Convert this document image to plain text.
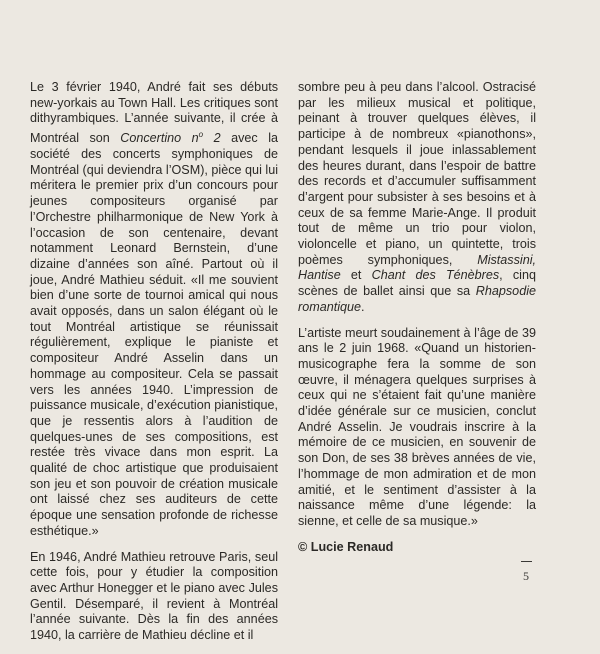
Le 3 février 1940, André fait ses débuts new-yorkais au Town Hall. Les critiques sont dithyrambiques. L’année suivante, il crée à Montréal son Concertino $n^o$ 2 avec la société des concerts symphoniques de Montréal (qui deviendra l’OSM), pièce qui lui méritera le premier prix d’un concours pour jeunes compositeurs organisé par l’Orchestre philharmonique de New York à l’occasion de son centenaire, devant notamment Leonard Bernstein, d’une dizaine d’années son aîné. Partout où il joue, André Mathieu séduit. «Il me souvient bien d’une sorte de tournoi amical qui nous avait opposés, dans un salon élégant où le tout Montréal artistique se réunissait régulièrement, explique le pianiste et compositeur André Asselin dans un hommage au compositeur. Cela se passait vers les années 1940. L’impression de puissance musicale, d’exécution pianistique, que je ressentis alors à l’audition de quelques-unes de ses compositions, est restée très vivace dans mon esprit. La qualité de choc artistique que produisaient son jeu et son pouvoir de création musicale ont laissé chez ses auditeurs de cette époque une sensation profonde de richesse esthétique.»

En 1946, André Mathieu retrouve Paris, seul cette fois, pour y étudier la composition avec Arthur Honegger et le piano avec Jules Gentil. Désemparé, il revient à Montréal l’année suivante. Dès la fin des années 1940, la carrière de Mathieu décline et il

sombre peu à peu dans l’alcool. Ostracisé par les milieux musical et politique, peinant à trouver quelques élèves, il participe à de nombreux «pianothons», pendant lesquels il joue inlassablement des heures durant, dans l’espoir de battre des records et d’accumuler suffisamment d’argent pour subsister à ses besoins et à ceux de sa femme Marie-Ange. Il produit tout de même un trio pour violon, violoncelle et piano, un quintette, trois poèmes symphoniques, Mistassini, Hantise et Chant des Ténèbres, cinq scènes de ballet ainsi que sa Rhapsodie romantique.

L’artiste meurt soudainement à l’âge de 39 ans le 2 juin 1968. «Quand un historien-musicographe fera la somme de son œuvre, il ménagera quelques surprises à ceux qui ne s’étaient fait qu’une manière d’idée générale sur ce musicien, conclut André Asselin. Je voudrais inscrire à la mémoire de ce musicien, en souvenir de son Don, de ses 38 brèves années de vie, l’hommage de mon admiration et de mon amitié, et le sentiment d’assister à la naissance même d’une légende: la sienne, et celle de sa musique.»

© Lucie Renaud

5
